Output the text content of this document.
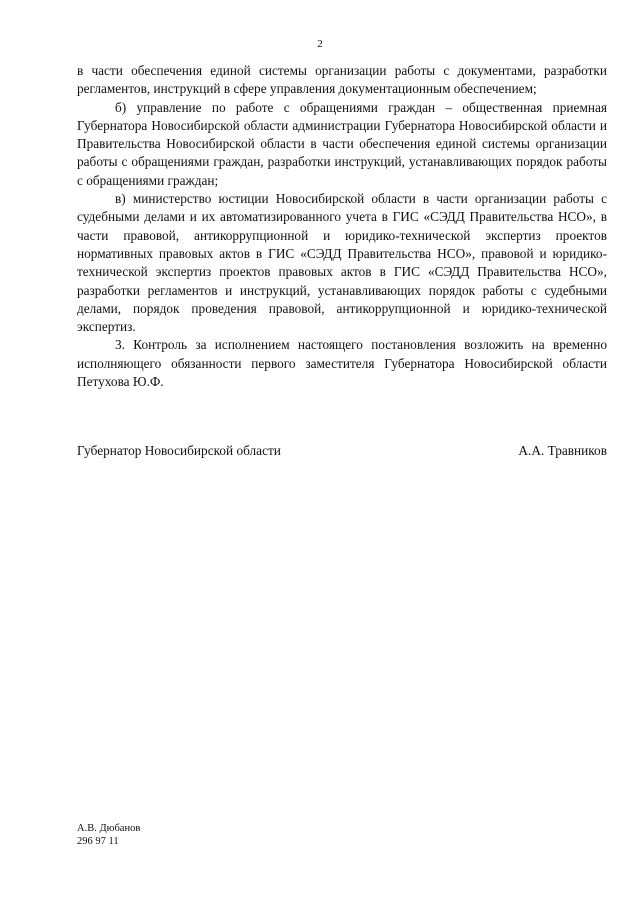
2

в части обеспечения единой системы организации работы с документами, разработки регламентов, инструкций в сфере управления документационным обеспечением;

б) управление по работе с обращениями граждан – общественная приемная Губернатора Новосибирской области администрации Губернатора Новосибирской области и Правительства Новосибирской области в части обеспечения единой системы организации работы с обращениями граждан, разработки инструкций, устанавливающих порядок работы с обращениями граждан;

в) министерство юстиции Новосибирской области в части организации работы с судебными делами и их автоматизированного учета в ГИС «СЭДД Правительства НСО», в части правовой, антикоррупционной и юридико-технической экспертиз проектов нормативных правовых актов в ГИС «СЭДД Правительства НСО», правовой и юридико-технической экспертиз проектов правовых актов в ГИС «СЭДД Правительства НСО», разработки регламентов и инструкций, устанавливающих порядок работы с судебными делами, порядок проведения правовой, антикоррупционной и юридико-технической экспертиз.

3. Контроль за исполнением настоящего постановления возложить на временно исполняющего обязанности первого заместителя Губернатора Новосибирской области Петухова Ю.Ф.

Губернатор Новосибирской области	А.А. Травников
А.В. Дюбанов
296 97 11
